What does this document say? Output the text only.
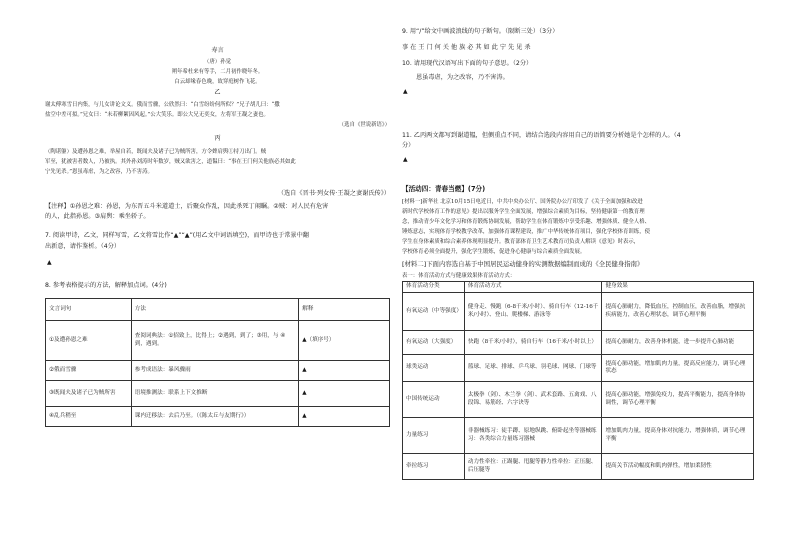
寿言
（唐）孙觉
朔年希杜来有等手，二月初作晓年冬。
白云却缘春色晚，故穿庭树作飞花。
乙
谢太傅寒雪日内集，与儿女讲论文义。俄而雪骤，公欣然曰：“白雪纷纷何所似？”兄子胡儿曰：“撒
盐空中差可拟。”兄女曰：“未若柳絮因风起。”公大笑乐。即公大兄无奕女，左将军王凝之妻也。
（选自《世说新语》）
丙
（陶谌躯）及遭孙恩之难，举屋自若，既闻夫及诸子已为贼所害，方令婢肩舆①持刀出门。贼
军至，犹被害者数人，乃被执。其外孙刘涛时年数岁，贼又欲害之，道韫曰：“事在王门何关他族必其如此
宁先见杀。”恩虽毒虐，为之改容，乃不害涛。
（选自《晋书·列女传·王凝之妻谢氏传》）
【注释】①孙恩之难：孙恩，为东晋五斗米道道士，后聚众作乱，因此杀死丁闱瞩。②贼：对人民有危害
的人，此指孙恩。③肩舆：乘坐轿子。
7. 阅读甲诗，乙文，同样写雪，乙文将雪比作“▲”“▲”(用乙文中词语填空)，而甲诗也于常景中翻
出新意，请作鉴析。（4分）
▲
8. 参考表格提示的方法，解释加点词。(4分)
文言词句	方法	解释
①及遭孙恩之难	查阅词典法：①招致上，比得上；②遇到，到了；③用，与 ④到，遇到。	▲（填序号）
②俄而雪骤	参考成语法：暴风骤雨	▲
③既闻夫及诸子已为贼所害	语境推测法：联系上下文推断	▲
④乱兵稍至	课内迁移法：去后乃至。（《陈太丘与友期行》）	▲
9. 用“/”给文中画波浪线的句子断句。（限断三处）（3分）
事 在 王 门 何 关 他 族 必 其 如 此 宁 先 见 杀
10. 请用现代汉语写出下面的句子意思。（2分）
恩虽毒虐，为之改容，乃不害涛。
▲
11. 乙丙两文都写到谢道韫，但侧重点不同，请结合选段内容用自己的语简要分析她是个怎样的人。（4
分）
▲
【活动四：青春当燃】(7分)
[材料一]新华社 北京10月15日电近日，中共中央办公厅、国务院办公厅印发了《关于全面加强和改进
新时代学校体育工作的意见》提出以服务学生全面发展，增强综合素质为目标，坚持健康第一的教育理
念，推动青少年文化学习和体育锻炼协调发展，帮助学生在体育锻炼中享受乐趣、增强体质、健全人格、
锤炼意志，实现体育学校教学改革，加强体育课程建设，推广中华传统体育项目，强化学校体育训练，使
学生在身体素质和综合素养体现明显提升。教育部体育卫生艺术教育司负责人解读《意见》时表示，
学校体育必须全面提升，强化学生锻炼，促进身心健康与综合素质全面发展。
[材料二]下面内容选自基于中国居民运动健身的实测数据编制而成的《全民健身指南》
表一：体育活动方式与健康效果体育活动方式：
体育活动分类	体育活动方式	健身效果
有氧运动（中等强度）	健身走、慢跑（6-8千米/小时）、骑自行车（12-16千米/小时）、登山、爬楼梯、游泳等	提高心肺耐力，降低血压，控制血压，改善血脂，增强抗疾病能力，改善心理状态，调节心理平衡
有氧运动（大强度）	快跑（8千米/小时），骑自行车（16千米/小时以上）	提高心肺耐力，改善身体机能，进一步提升心肺功能
球类运动	篮球、足球、排球、乒乓球、羽毛球、网球、门球等	提高心肺功能，增加肌肉力量，提高反应能力，调节心理状态
中国传统运动	太极拳（剑）、木兰拳（剑）、武术套路、五禽戏、八段锦、易筋经、六字诀等	提高心肺功能，增强免疫力，提高平衡能力，提高身体协调性，调节心理平衡
力量练习	非器械练习：徒手蹲、原地纵跳、俯卧起坐等器械练习：各类综合力量练习器械	增加肌肉力量，提高身体对抗能力，增强体质，调节心理平衡
牵拉练习	动力性牵拉：正踢腿、甩腿等静力性牵拉：正压腿、后压腿等	提高关节活动幅度和肌肉弹性，增加柔韧性
